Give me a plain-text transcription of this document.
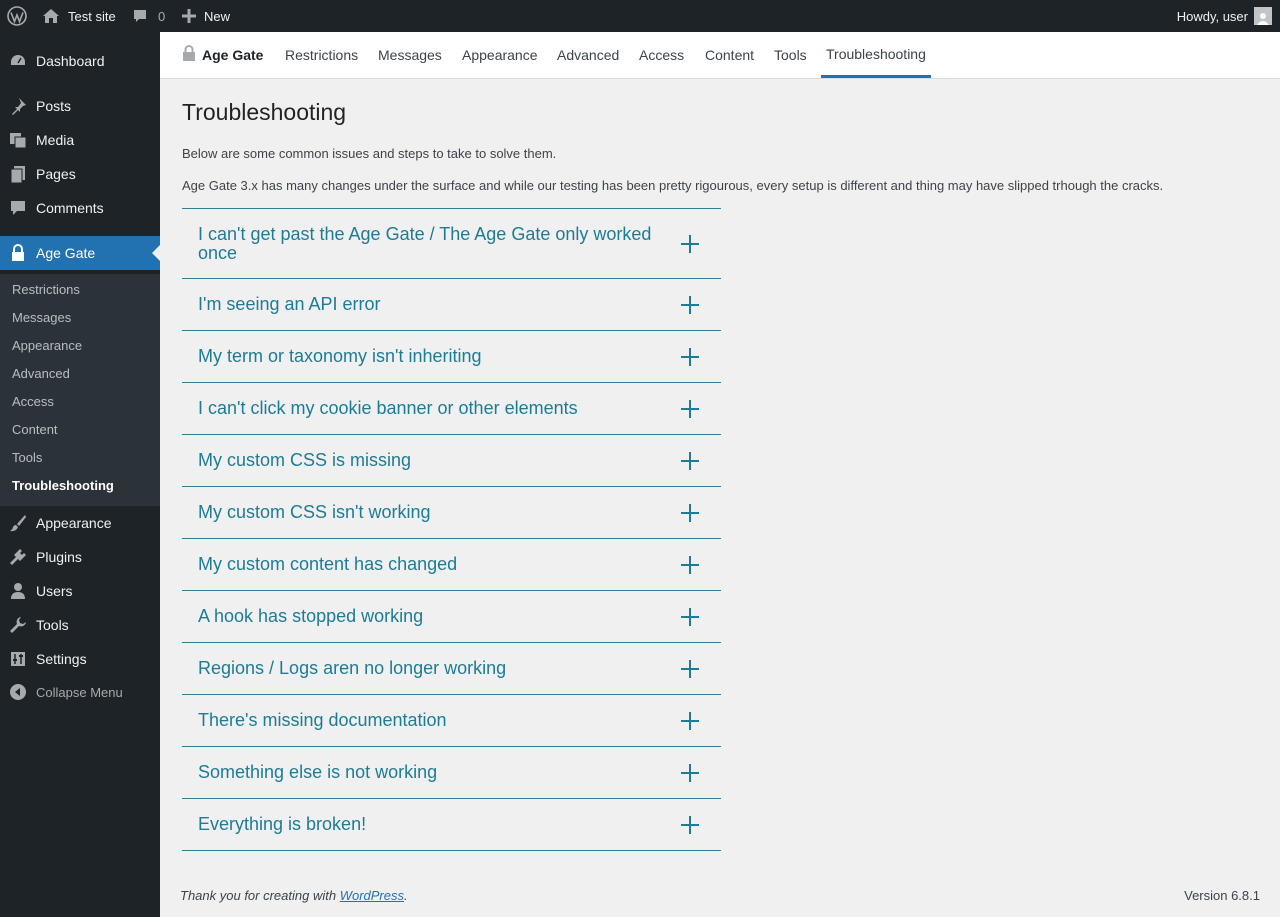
Test site	0	New	Howdy, user
Dashboard
Posts
Media
Pages
Comments
Age Gate
Restrictions
Messages
Appearance
Advanced
Access
Content
Tools
Troubleshooting
Appearance
Plugins
Users
Tools
Settings
Collapse Menu
Age Gate	Restrictions	Messages	Appearance	Advanced	Access	Content	Tools	Troubleshooting
Troubleshooting

Below are some common issues and steps to take to solve them.

Age Gate 3.x has many changes under the surface and while our testing has been pretty rigourous, every setup is different and thing may have slipped trhough the cracks.

I can't get past the Age Gate / The Age Gate only worked once
I'm seeing an API error
My term or taxonomy isn't inheriting
I can't click my cookie banner or other elements
My custom CSS is missing
My custom CSS isn't working
My custom content has changed
A hook has stopped working
Regions / Logs aren no longer working
There's missing documentation
Something else is not working
Everything is broken!

Thank you for creating with WordPress.	Version 6.8.1
